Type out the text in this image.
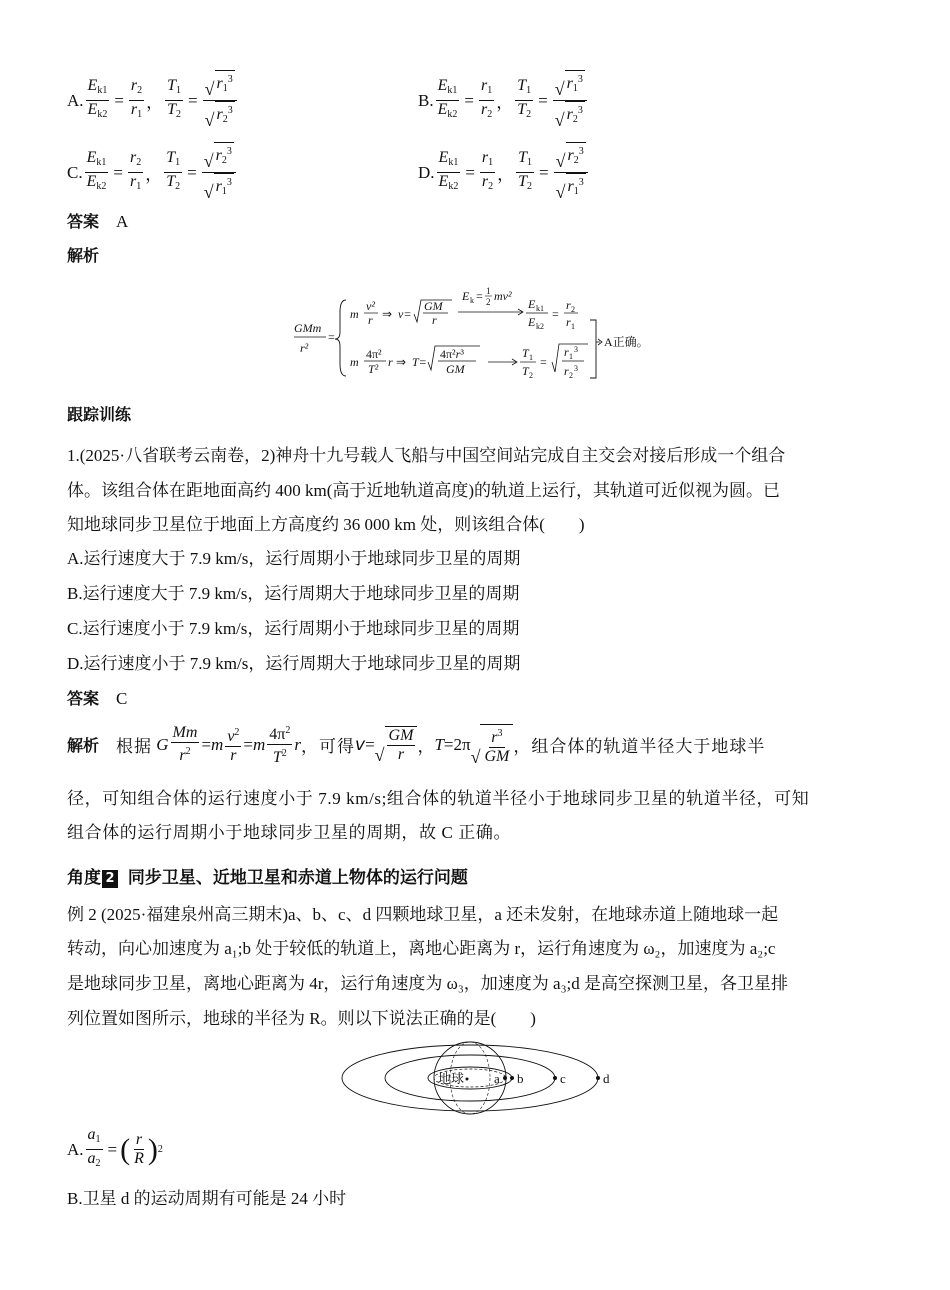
A. $\frac{E_{k1}}{E_{k2}} = \frac{r_2}{r_1}$ ， $\frac{T_1}{T_2} = \frac{√ r_1^3}{√ r_2^3}$	B. $\frac{E_{k1}}{E_{k2}} = \frac{r_1}{r_2}$ ， $\frac{T_1}{T_2} = \frac{√ r_1^3}{√ r_2^3}$
C. $\frac{E_{k1}}{E_{k2}} = \frac{r_2}{r_1}$ ， $\frac{T_1}{T_2} = \frac{√ r_2^3}{√ r_1^3}$	D. $\frac{E_{k1}}{E_{k2}} = \frac{r_1}{r_2}$ ， $\frac{T_1}{T_2} = \frac{√ r_2^3}{√ r_1^3}$
答案 A
解析
GMm
r²
=
m
v²
r ⇒ v=
GM
r
E k = 1
2 mv²
E k1
E k2
=
r 2
r 1
m
4π²
T² r ⇒ T=
4π²r³
GM
T 1
T 2
=
r 1
3
r 2
3
A正确。
跟踪训练
1.(2025·八省联考云南卷，2)神舟十九号载人飞船与中国空间站完成自主交会对接后形成一个组合
体。该组合体在距地面高约 400 km(高于近地轨道高度)的轨道上运行，其轨道可近似视为圆。已
知地球同步卫星位于地面上方高度约 36 000 km 处，则该组合体(　　)
A.运行速度大于 7.9 km/s，运行周期小于地球同步卫星的周期
B.运行速度大于 7.9 km/s，运行周期大于地球同步卫星的周期
C.运行速度小于 7.9 km/s，运行周期小于地球同步卫星的周期
D.运行速度小于 7.9 km/s，运行周期大于地球同步卫星的周期
答案 C
解析
根据
G $\frac{Mm}{r^2} = m \frac{v^2}{r} = m \frac{4\pi^2}{T^2}$ r ，可得 v =
√ $\frac{GM}{r}$ ， T =2π
√ $\frac{r^3}{GM}$ ，组合体的轨道半径大于地球半
径，可知组合体的运行速度小于 7.9 km/s;组合体的轨道半径小于地球同步卫星的轨道半径，可知
组合体的运行周期小于地球同步卫星的周期，故 C 正确。
角度 2 同步卫星、近地卫星和赤道上物体的运行问题
例 2 (2025·福建泉州高三期末)a、b、c、d 四颗地球卫星，a 还未发射，在地球赤道上随地球一起
转动，向心加速度为 a₁;b 处于较低的轨道上，离地心距离为 r，运行角速度为 ω₂，加速度为 a₂;c
是地球同步卫星，离地心距离为 4r，运行角速度为 ω₃，加速度为 a₃;d 是高空探测卫星，各卫星排
列位置如图所示，地球的半径为 R。则以下说法正确的是(　　)
地球 a b	c	d
A. $\frac{a_1}{a_2}$ = ( $\frac{r}{R}$ ) 2
B.卫星 d 的运动周期有可能是 24 小时
